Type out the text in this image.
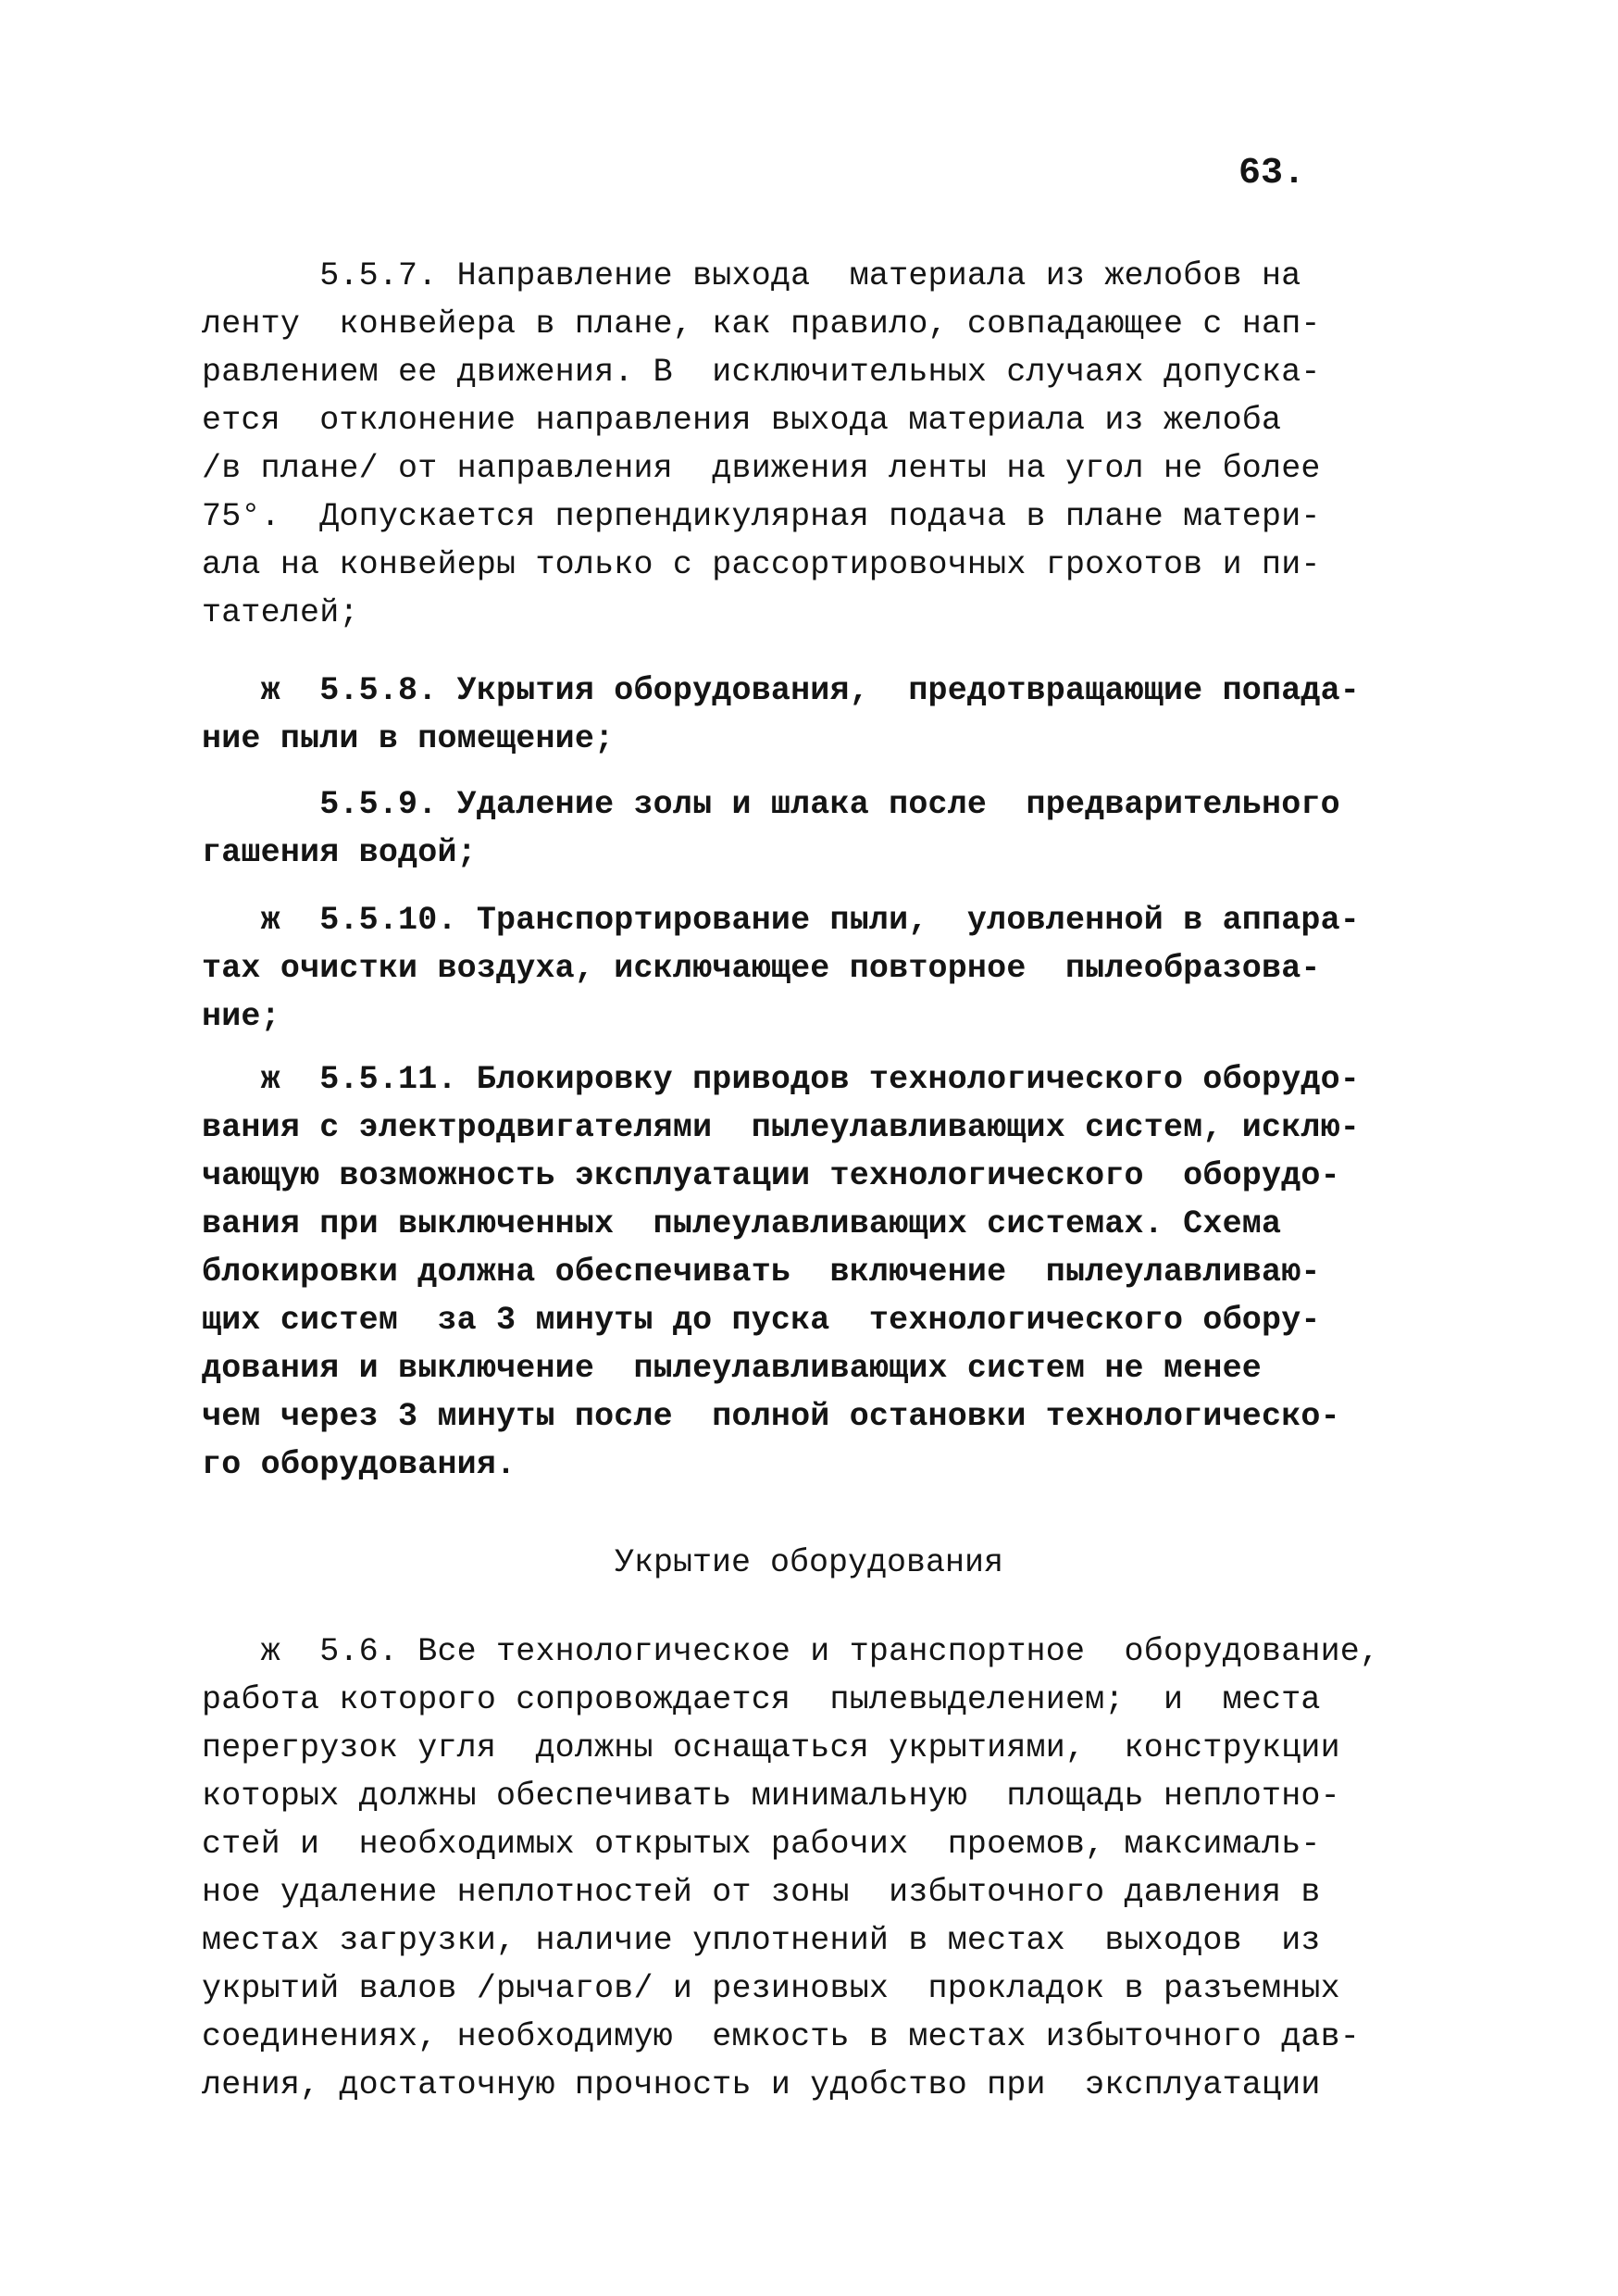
63.
5.5.7. Направление выхода  материала из желобов на
ленту  конвейера в плане, как правило, совпадающее с нап-
равлением ее движения. В  исключительных случаях допуска-
ется  отклонение направления выхода материала из желоба
/в плане/ от направления  движения ленты на угол не более
75°.  Допускается перпендикулярная подача в плане матери-
ала на конвейеры только с рассортировочных грохотов и пи-
тателей;
ж  5.5.8. Укрытия оборудования,  предотвращающие попада-
ние пыли в помещение;
5.5.9. Удаление золы и шлака после  предварительного
гашения водой;
ж  5.5.10. Транспортирование пыли,  уловленной в аппара-
тах очистки воздуха, исключающее повторное  пылеобразова-
ние;
ж  5.5.11. Блокировку приводов технологического оборудо-
вания с электродвигателями  пылеулавливающих систем, исклю-
чающую возможность эксплуатации технологического  оборудо-
вания при выключенных  пылеулавливающих системах. Схема
блокировки должна обеспечивать  включение  пылеулавливаю-
щих систем  за 3 минуты до пуска  технологического обору-
дования и выключение  пылеулавливающих систем не менее
чем через 3 минуты после  полной остановки технологическо-
го оборудования.
Укрытие оборудования
ж  5.6. Все технологическое и транспортное  оборудование,
работа которого сопровождается  пылевыделением;  и  места
перегрузок угля  должны оснащаться укрытиями,  конструкции
которых должны обеспечивать минимальную  площадь неплотно-
стей и  необходимых открытых рабочих  проемов, максималь-
ное удаление неплотностей от зоны  избыточного давления в
местах загрузки, наличие уплотнений в местах  выходов  из
укрытий валов /рычагов/ и резиновых  прокладок в разъемных
соединениях, необходимую  емкость в местах избыточного дав-
ления, достаточную прочность и удобство при  эксплуатации
